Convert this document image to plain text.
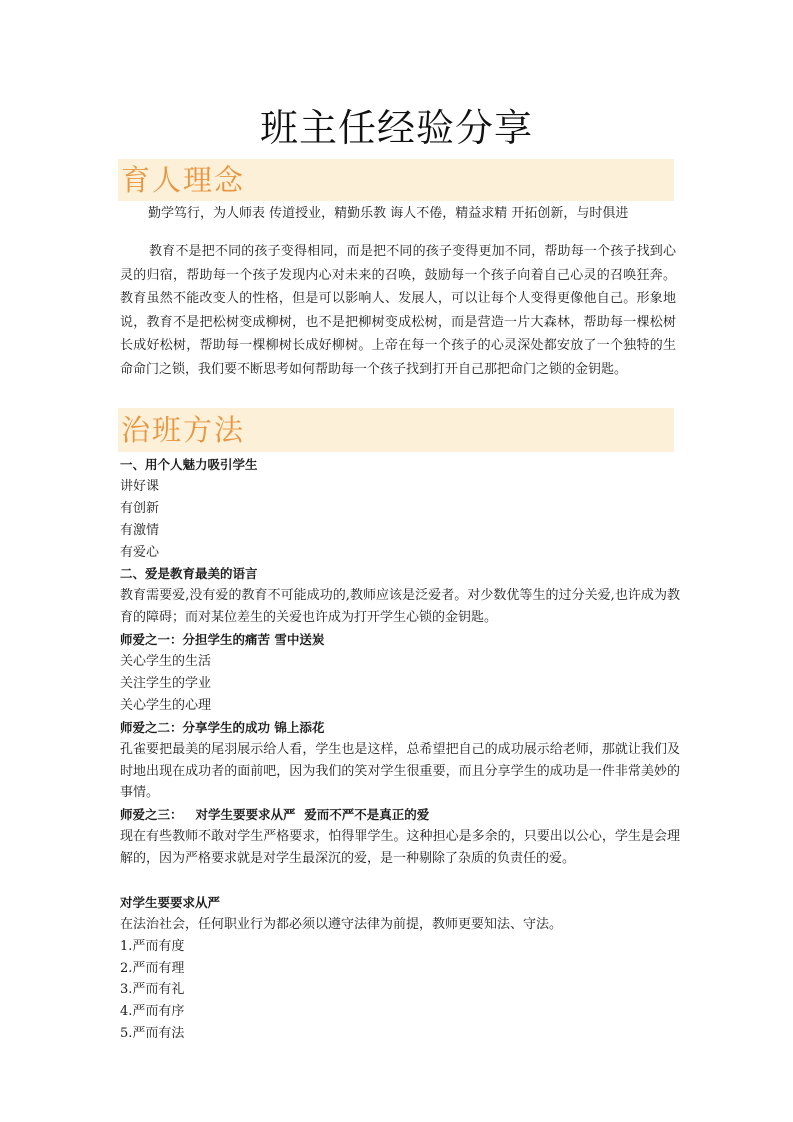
班主任经验分享
育人理念
勤学笃行，为人师表 传道授业，精勤乐教 诲人不倦，精益求精 开拓创新，与时俱进
教育不是把不同的孩子变得相同，而是把不同的孩子变得更加不同，帮助每一个孩子找到心灵的归宿，帮助每一个孩子发现内心对未来的召唤，鼓励每一个孩子向着自己心灵的召唤狂奔。教育虽然不能改变人的性格，但是可以影响人、发展人，可以让每个人变得更像他自己。形象地说，教育不是把松树变成柳树，也不是把柳树变成松树，而是营造一片大森林，帮助每一棵松树长成好松树，帮助每一棵柳树长成好柳树。上帝在每一个孩子的心灵深处都安放了一个独特的生命命门之锁，我们要不断思考如何帮助每一个孩子找到打开自己那把命门之锁的金钥匙。
治班方法
一、用个人魅力吸引学生
讲好课
有创新
有激情
有爱心
二、爱是教育最美的语言
教育需要爱,没有爱的教育不可能成功的,教师应该是泛爱者。对少数优等生的过分关爱,也许成为教育的障碍；而对某位差生的关爱也许成为打开学生心锁的金钥匙。
师爱之一：分担学生的痛苦 雪中送炭
关心学生的生活
关注学生的学业
关心学生的心理
师爱之二：分享学生的成功 锦上添花
孔雀要把最美的尾羽展示给人看，学生也是这样，总希望把自己的成功展示给老师，那就让我们及时地出现在成功者的面前吧，因为我们的笑对学生很重要，而且分享学生的成功是一件非常美妙的事情。
师爱之三：   对学生要要求从严  爱而不严不是真正的爱
现在有些教师不敢对学生严格要求，怕得罪学生。这种担心是多余的，只要出以公心，学生是会理解的，因为严格要求就是对学生最深沉的爱，是一种剔除了杂质的负责任的爱。
对学生要要求从严
在法治社会，任何职业行为都必须以遵守法律为前提，教师更要知法、守法。
1.严而有度
2.严而有理
3.严而有礼
4.严而有序
5.严而有法
